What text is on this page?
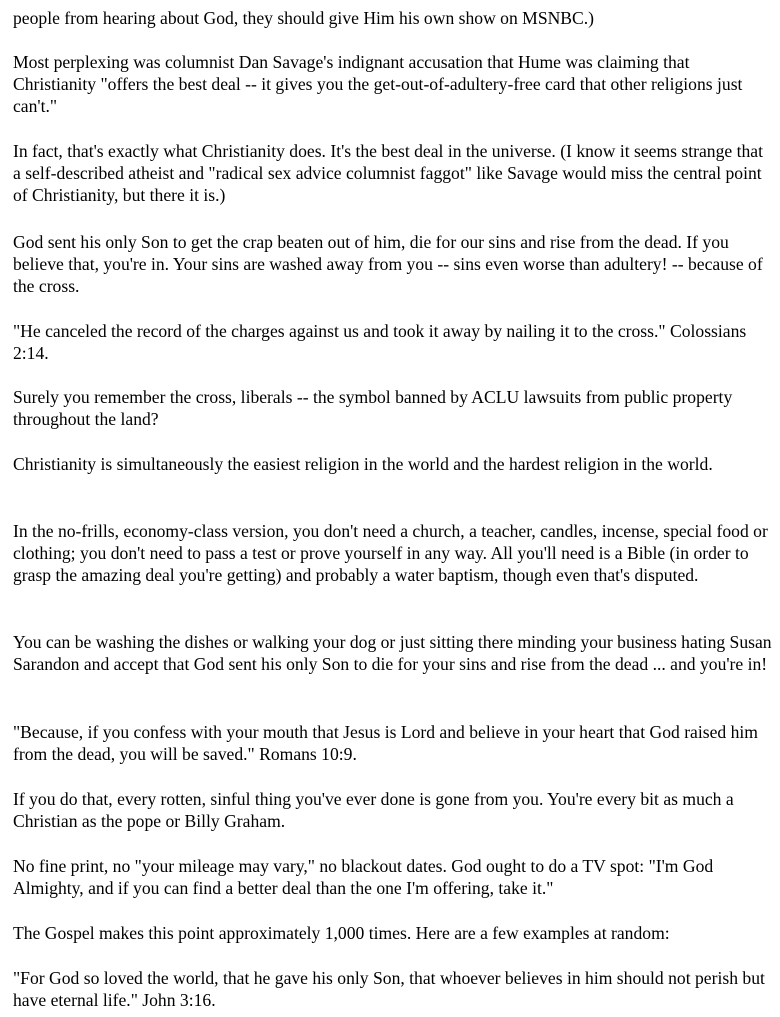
people from hearing about God, they should give Him his own show on MSNBC.)

Most perplexing was columnist Dan Savage's indignant accusation that Hume was claiming that Christianity "offers the best deal -- it gives you the get-out-of-adultery-free card that other religions just can't."

In fact, that's exactly what Christianity does. It's the best deal in the universe. (I know it seems strange that a self-described atheist and "radical sex advice columnist faggot" like Savage would miss the central point of Christianity, but there it is.)

God sent his only Son to get the crap beaten out of him, die for our sins and rise from the dead. If you believe that, you're in. Your sins are washed away from you -- sins even worse than adultery! -- because of the cross.

"He canceled the record of the charges against us and took it away by nailing it to the cross." Colossians 2:14.

Surely you remember the cross, liberals -- the symbol banned by ACLU lawsuits from public property throughout the land?

Christianity is simultaneously the easiest religion in the world and the hardest religion in the world.

In the no-frills, economy-class version, you don't need a church, a teacher, candles, incense, special food or clothing; you don't need to pass a test or prove yourself in any way. All you'll need is a Bible (in order to grasp the amazing deal you're getting) and probably a water baptism, though even that's disputed.

You can be washing the dishes or walking your dog or just sitting there minding your business hating Susan Sarandon and accept that God sent his only Son to die for your sins and rise from the dead ... and you're in!

"Because, if you confess with your mouth that Jesus is Lord and believe in your heart that God raised him from the dead, you will be saved." Romans 10:9.

If you do that, every rotten, sinful thing you've ever done is gone from you. You're every bit as much a Christian as the pope or Billy Graham.

No fine print, no "your mileage may vary," no blackout dates. God ought to do a TV spot: "I'm God Almighty, and if you can find a better deal than the one I'm offering, take it."

The Gospel makes this point approximately 1,000 times. Here are a few examples at random:

"For God so loved the world, that he gave his only Son, that whoever believes in him should not perish but have eternal life." John 3:16.
